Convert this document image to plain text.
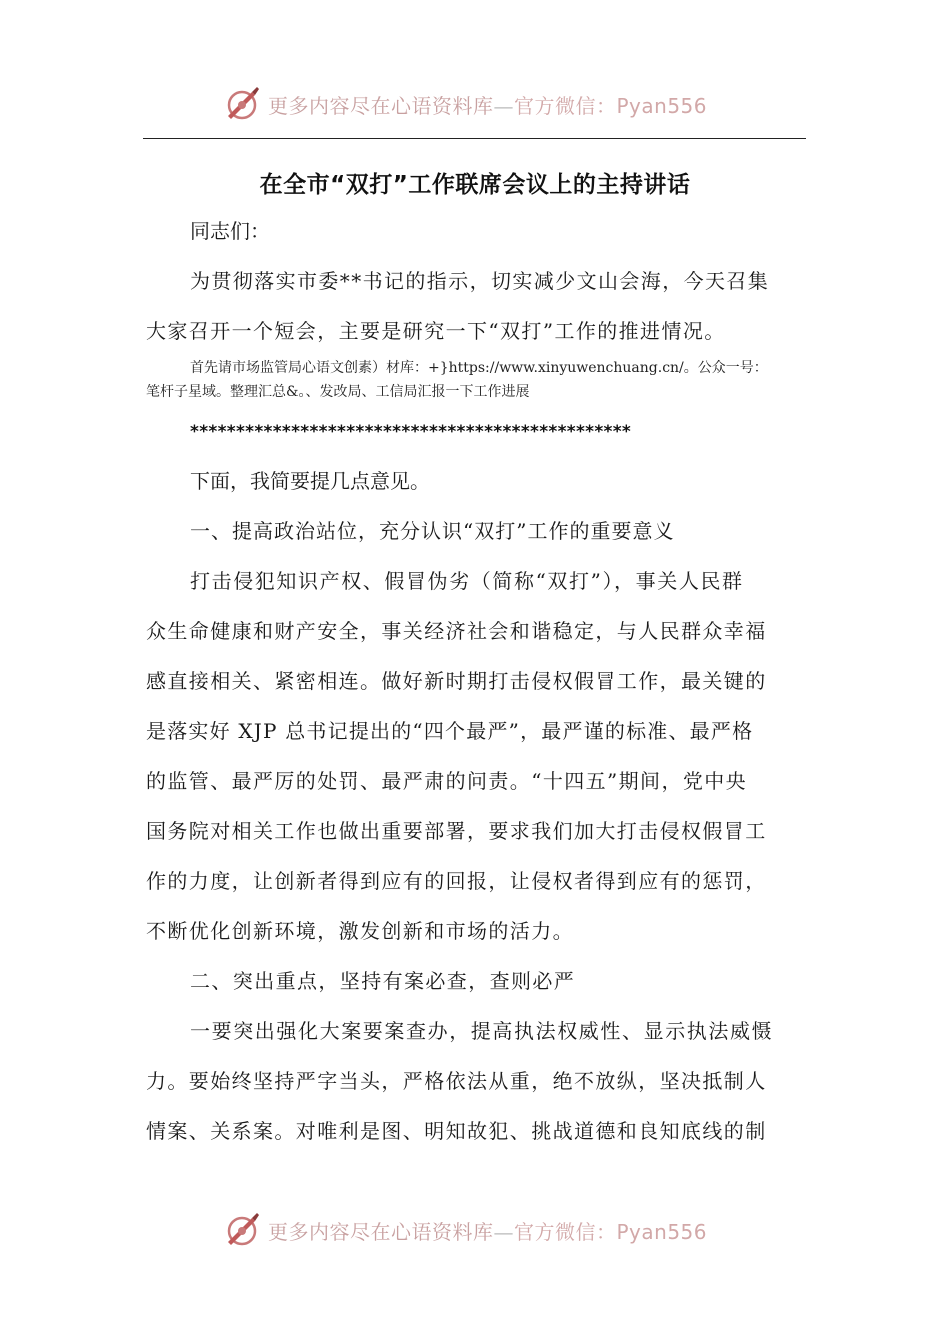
更多内容尽在心语资料库—官方微信：Pyan556
在全市“双打”工作联席会议上的主持讲话
同志们：
为贯彻落实市委**书记的指示，切实减少文山会海，今天召集
大家召开一个短会，主要是研究一下“双打”工作的推进情况。
首先请市场监管局心语文创素）材库：+}https://www.xinyuwenchuang.cn/。公众一号：
笔杆子星域。整理汇总&。、发改局、工信局汇报一下工作进展
************************************************
下面，我简要提几点意见。
一、提高政治站位，充分认识“双打”工作的重要意义
打击侵犯知识产权、假冒伪劣（简称“双打”），事关人民群
众生命健康和财产安全，事关经济社会和谐稳定，与人民群众幸福
感直接相关、紧密相连。做好新时期打击侵权假冒工作，最关键的
是落实好 XJP 总书记提出的“四个最严”，最严谨的标准、最严格
的监管、最严厉的处罚、最严肃的问责。“十四五”期间，党中央
国务院对相关工作也做出重要部署，要求我们加大打击侵权假冒工
作的力度，让创新者得到应有的回报，让侵权者得到应有的惩罚，
不断优化创新环境，激发创新和市场的活力。
二、突出重点，坚持有案必查，查则必严
一要突出强化大案要案查办，提高执法权威性、显示执法威慑
力。要始终坚持严字当头，严格依法从重，绝不放纵，坚决抵制人
情案、关系案。对唯利是图、明知故犯、挑战道德和良知底线的制
更多内容尽在心语资料库—官方微信：Pyan556
